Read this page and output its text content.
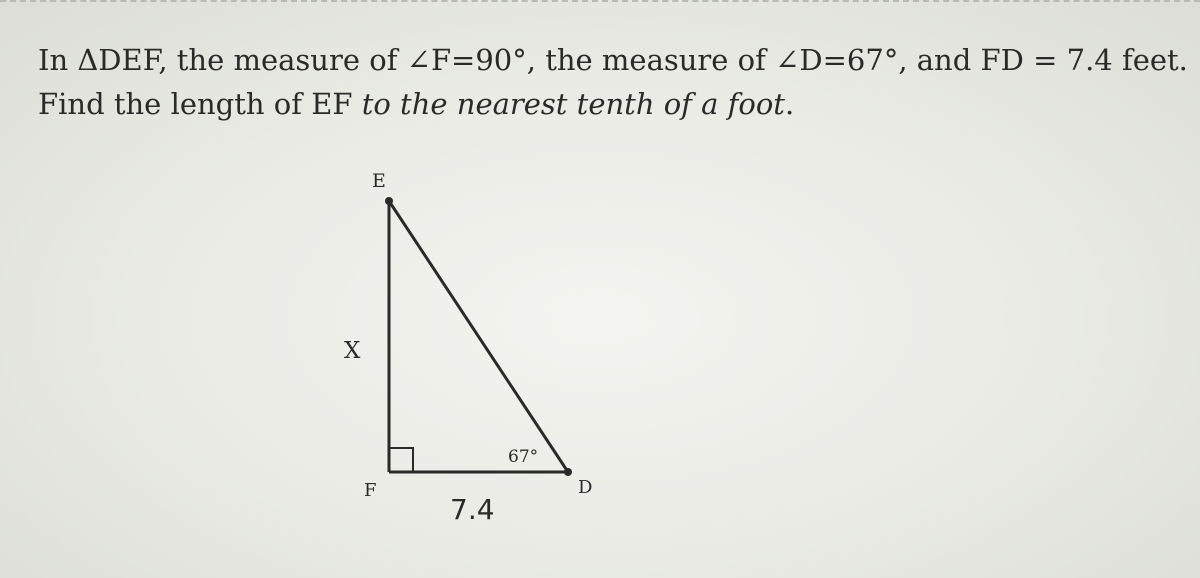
In ΔDEF, the measure of ∠F=90°, the measure of ∠D=67°, and FD = 7.4 feet. Find the length of EF to the nearest tenth of a foot.
E
X
F	D
67°
7.4
